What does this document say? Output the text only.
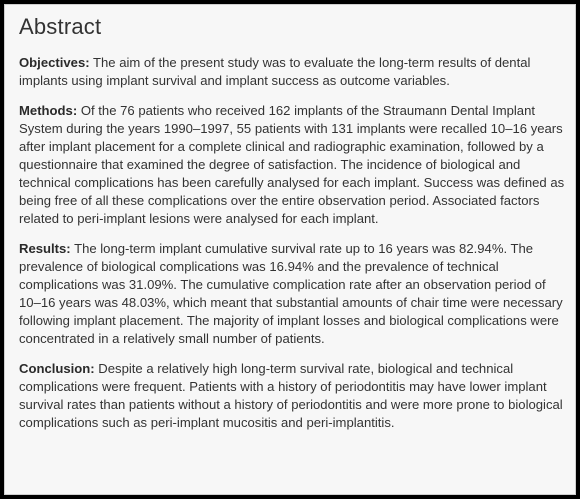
Abstract

Objectives: The aim of the present study was to evaluate the long-term results of dental implants using implant survival and implant success as outcome variables.

Methods: Of the 76 patients who received 162 implants of the Straumann Dental Implant System during the years 1990–1997, 55 patients with 131 implants were recalled 10–16 years after implant placement for a complete clinical and radiographic examination, followed by a questionnaire that examined the degree of satisfaction. The incidence of biological and technical complications has been carefully analysed for each implant. Success was defined as being free of all these complications over the entire observation period. Associated factors related to peri-implant lesions were analysed for each implant.

Results: The long-term implant cumulative survival rate up to 16 years was 82.94%. The prevalence of biological complications was 16.94% and the prevalence of technical complications was 31.09%. The cumulative complication rate after an observation period of 10–16 years was 48.03%, which meant that substantial amounts of chair time were necessary following implant placement. The majority of implant losses and biological complications were concentrated in a relatively small number of patients.

Conclusion: Despite a relatively high long-term survival rate, biological and technical complications were frequent. Patients with a history of periodontitis may have lower implant survival rates than patients without a history of periodontitis and were more prone to biological complications such as peri-implant mucositis and peri-implantitis.
